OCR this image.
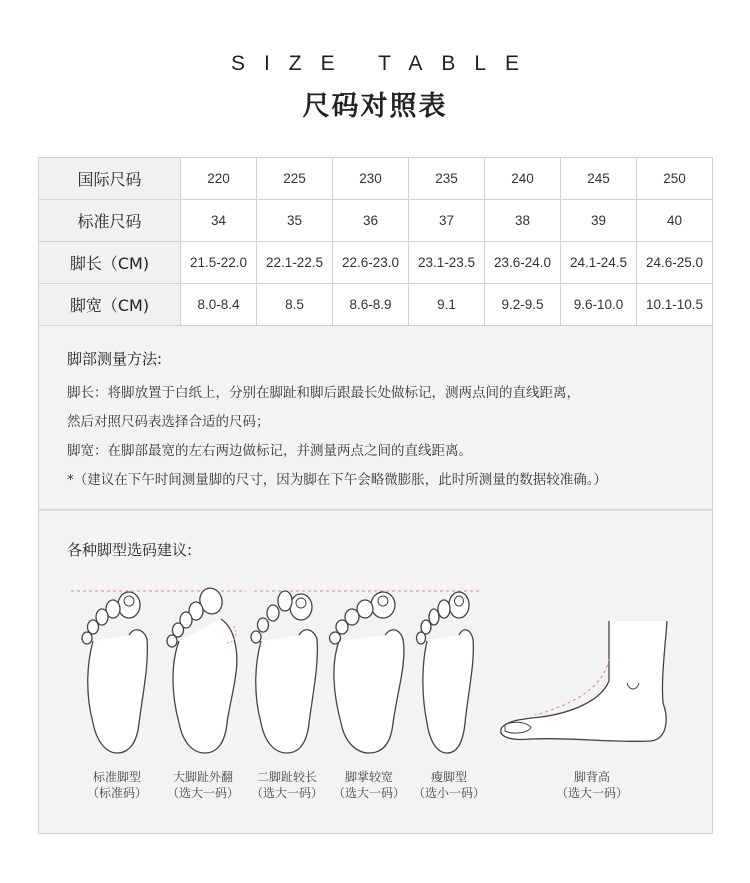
SIZE TABLE
尺码对照表
国际尺码	220	225	230	235	240	245	250
标准尺码	34	35	36	37	38	39	40
脚长（CM)	21.5-22.0	22.1-22.5	22.6-23.0	23.1-23.5	23.6-24.0	24.1-24.5	24.6-25.0
脚宽（CM)	8.0-8.4	8.5	8.6-8.9	9.1	9.2-9.5	9.6-10.0	10.1-10.5
脚部测量方法:
脚长：将脚放置于白纸上，分别在脚趾和脚后跟最长处做标记，测两点间的直线距离，
然后对照尺码表选择合适的尺码；
脚宽：在脚部最宽的左右两边做标记，并测量两点之间的直线距离。
*（建议在下午时间测量脚的尺寸，因为脚在下午会略微膨胀，此时所测量的数据较准确。）
各种脚型选码建议:
标准脚型
（标准码）
大脚趾外翻
（选大一码）
二脚趾较长
（选大一码）
脚掌较宽
（选大一码）
瘦脚型
（选小一码）
脚背高
（选大一码）
